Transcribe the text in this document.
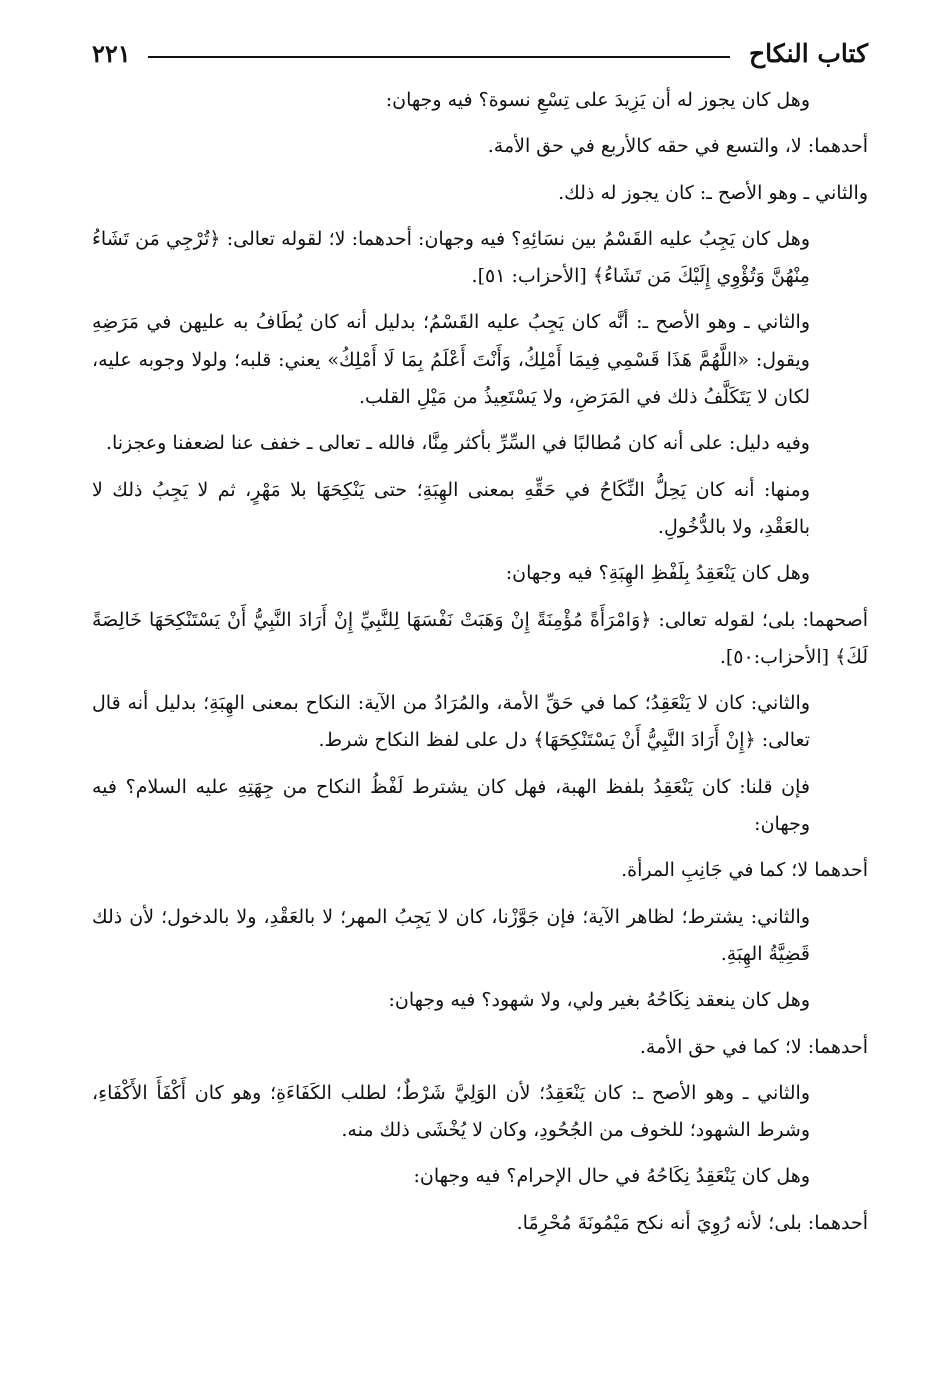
كتاب النكاح
٢٢١

وهل كان يجوز له أن يَزِيدَ على تِسْعِ نسوة؟ فيه وجهان:

أحدهما: لا، والتسع في حقه كالأربع في حق الأمة.

والثاني ـ وهو الأصح ـ: كان يجوز له ذلك.

وهل كان يَجِبُ عليه القَسْمُ بين نسَائِهِ؟ فيه وجهان: أحدهما: لا؛ لقوله تعالى: ﴿تُرْجِي مَن تَشَاءُ مِنْهُنَّ وَتُؤْوِي إِلَيْكَ مَن تَشَاءُ﴾ [الأحزاب: ٥١].

والثاني ـ وهو الأصح ـ: أنَّه كان يَجِبُ عليه القَسْمُ؛ بدليل أنه كان يُطَافُ به عليهن في مَرَضِهِ ويقول: «اللَّهُمَّ هَذَا قَسْمِي فِيمَا أَمْلِكُ، وَأَنْتَ أَعْلَمُ بِمَا لَا أَمْلِكُ» يعني: قلبه؛ ولولا وجوبه عليه، لكان لا يَتَكَلَّفُ ذلك في المَرَضِ، ولا يَسْتَعِيذُ من مَيْلِ القلب.

وفيه دليل: على أنه كان مُطالبًا في السِّرِّ بأكثر مِنَّا، فالله ـ تعالى ـ خفف عنا لضعفنا وعجزنا.

ومنها: أنه كان يَحِلُّ النِّكَاحُ في حَقِّهِ بمعنى الهِبَةِ؛ حتى يَنْكِحَهَا بلا مَهْرٍ، ثم لا يَجِبُ ذلك لا بالعَقْدِ، ولا بالدُّخُولِ.

وهل كان يَنْعَقِدُ بِلَفْظِ الهِبَةِ؟ فيه وجهان:

أصحهما: بلى؛ لقوله تعالى: ﴿وَامْرَأَةً مُؤْمِنَةً إِنْ وَهَبَتْ نَفْسَهَا لِلنَّبِيِّ إِنْ أَرَادَ النَّبِيُّ أَنْ يَسْتَنْكِحَهَا خَالِصَةً لَكَ﴾ [الأحزاب:٥٠].

والثاني: كان لا يَنْعَقِدُ؛ كما في حَقِّ الأمة، والمُرَادُ من الآية: النكاح بمعنى الهِبَةِ؛ بدليل أنه قال تعالى: ﴿إِنْ أَرَادَ النَّبِيُّ أَنْ يَسْتَنْكِحَهَا﴾ دل على لفظ النكاح شرط.

فإن قلنا: كان يَنْعَقِدُ بلفظ الهبة، فهل كان يشترط لَفْظُ النكاح من جِهَتِهِ عليه السلام؟ فيه وجهان:

أحدهما لا؛ كما في جَانِبِ المرأة.

والثاني: يشترط؛ لظاهر الآية؛ فإن جَوَّزْنا، كان لا يَجِبُ المهر؛ لا بالعَقْدِ، ولا بالدخول؛ لأن ذلك قَضِيَّةُ الهِبَةِ.

وهل كان ينعقد نِكَاحُهُ بغير ولي، ولا شهود؟ فيه وجهان:

أحدهما: لا؛ كما في حق الأمة.

والثاني ـ وهو الأصح ـ: كان يَنْعَقِدُ؛ لأن الوَلِيَّ شَرْطٌ؛ لطلب الكَفَاءَةِ؛ وهو كان أَكْفَأَ الأَكْفَاءِ، وشرط الشهود؛ للخوف من الجُحُودِ، وكان لا يُخْشَى ذلك منه.

وهل كان يَنْعَقِدُ نِكَاحُهُ في حال الإحرام؟ فيه وجهان:

أحدهما: بلى؛ لأنه رُوِيَ أنه نكح مَيْمُونَةَ مُحْرِمًا.
